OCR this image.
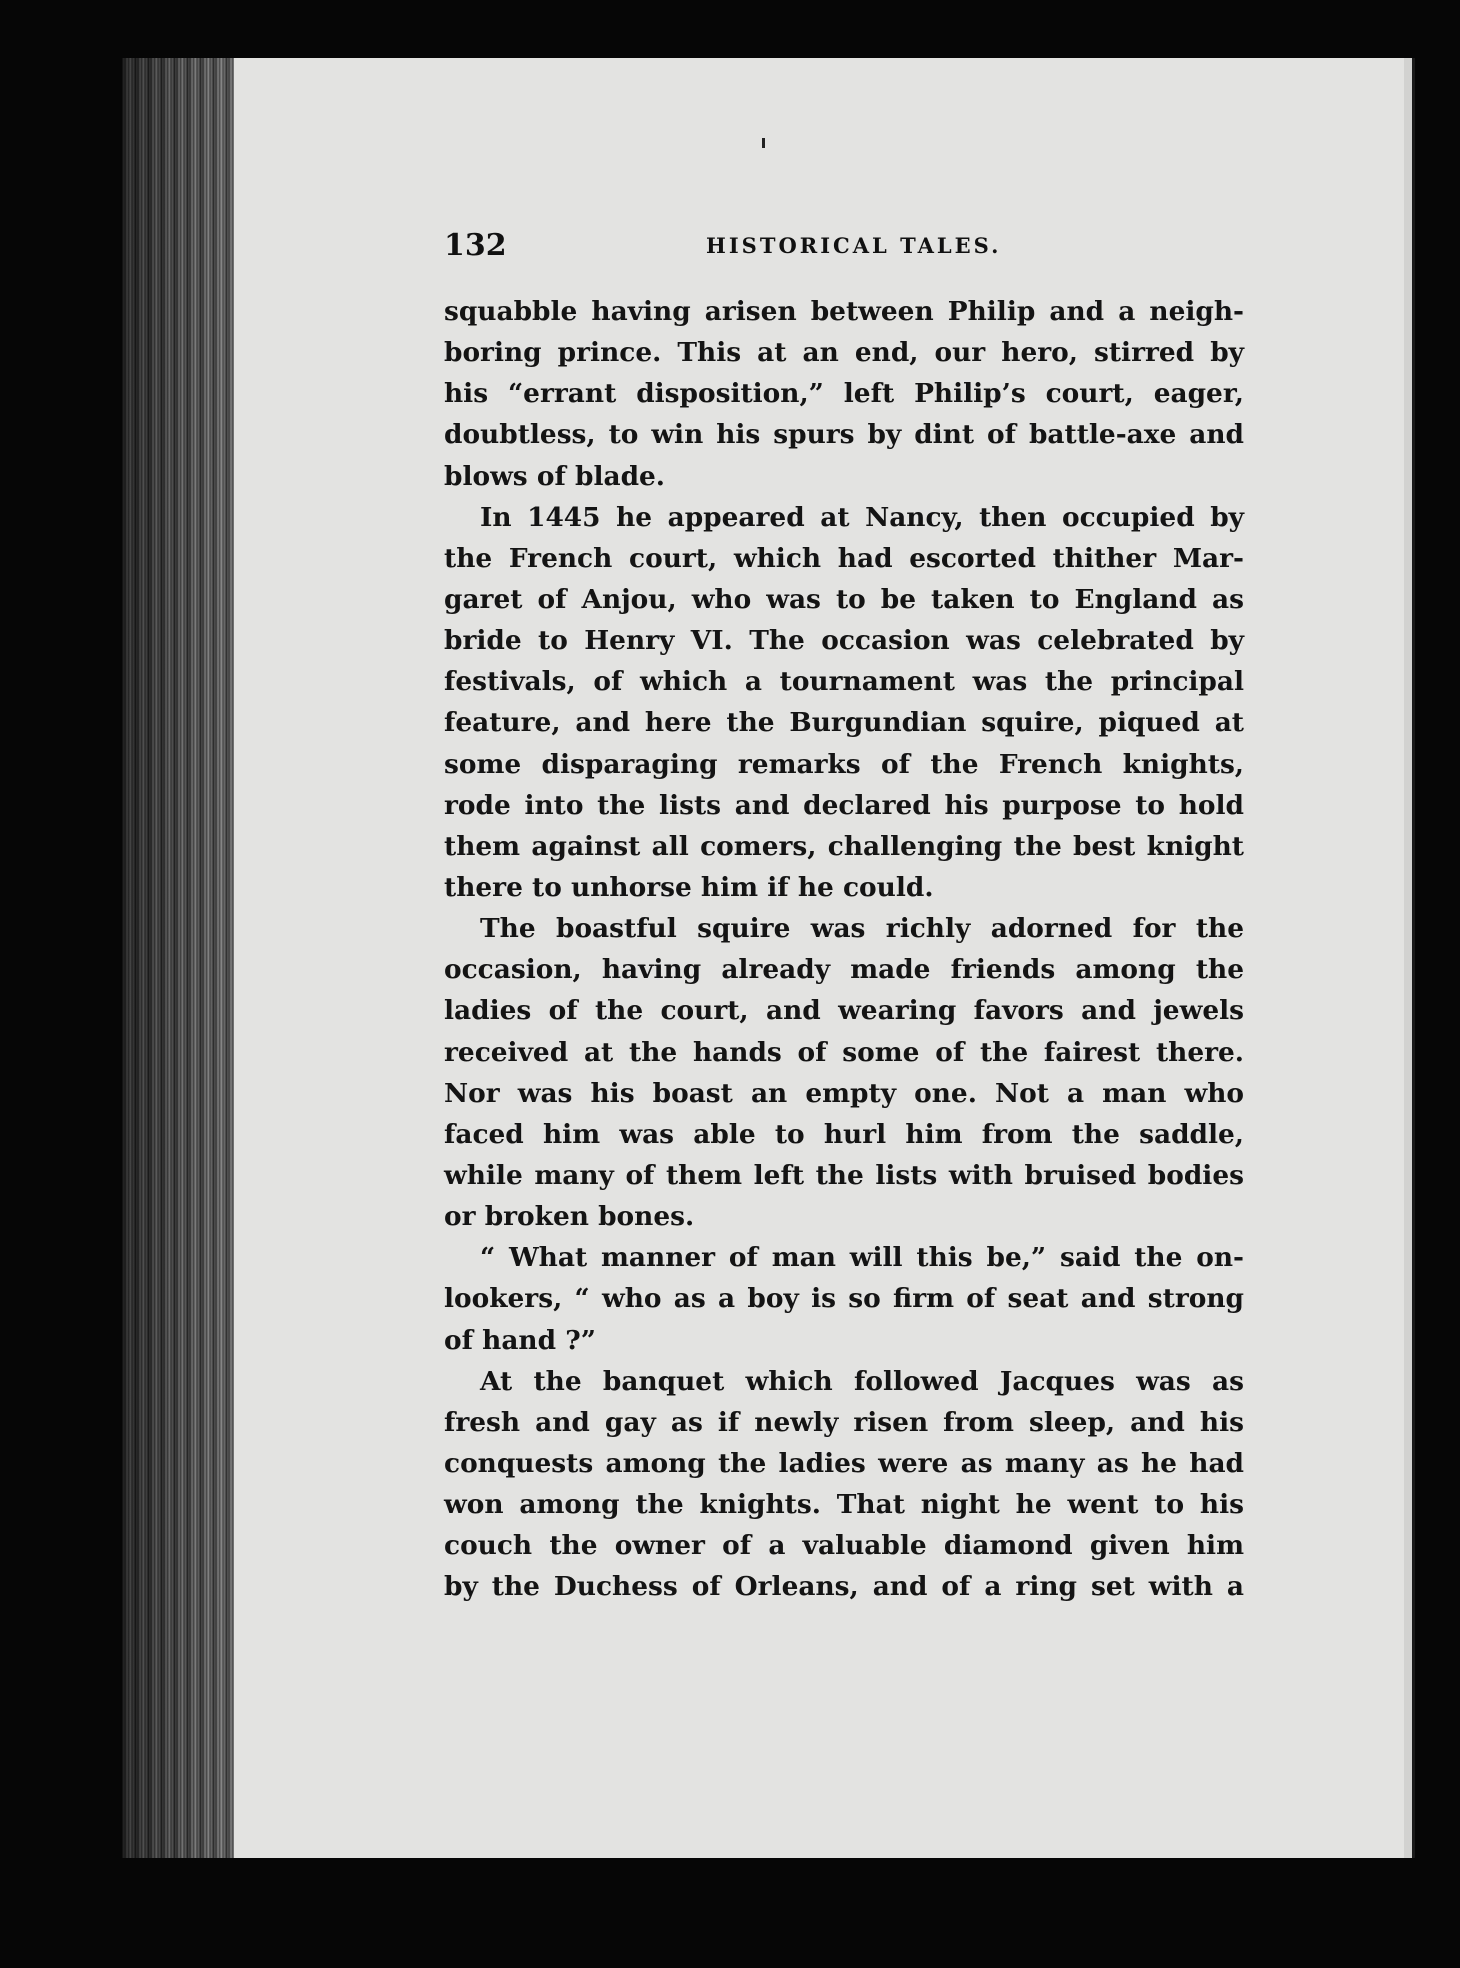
132	HISTORICAL TALES.
squabble having arisen between Philip and a neigh-
boring prince. This at an end, our hero, stirred by
his “errant disposition,” left Philip’s court, eager,
doubtless, to win his spurs by dint of battle-axe and
blows of blade.
In 1445 he appeared at Nancy, then occupied by
the French court, which had escorted thither Mar-
garet of Anjou, who was to be taken to England as
bride to Henry VI. The occasion was celebrated by
festivals, of which a tournament was the principal
feature, and here the Burgundian squire, piqued at
some disparaging remarks of the French knights,
rode into the lists and declared his purpose to hold
them against all comers, challenging the best knight
there to unhorse him if he could.
The boastful squire was richly adorned for the
occasion, having already made friends among the
ladies of the court, and wearing favors and jewels
received at the hands of some of the fairest there.
Nor was his boast an empty one. Not a man who
faced him was able to hurl him from the saddle,
while many of them left the lists with bruised bodies
or broken bones.
“ What manner of man will this be,” said the on-
lookers, “ who as a boy is so firm of seat and strong
of hand ?”
At the banquet which followed Jacques was as
fresh and gay as if newly risen from sleep, and his
conquests among the ladies were as many as he had
won among the knights. That night he went to his
couch the owner of a valuable diamond given him
by the Duchess of Orleans, and of a ring set with a
